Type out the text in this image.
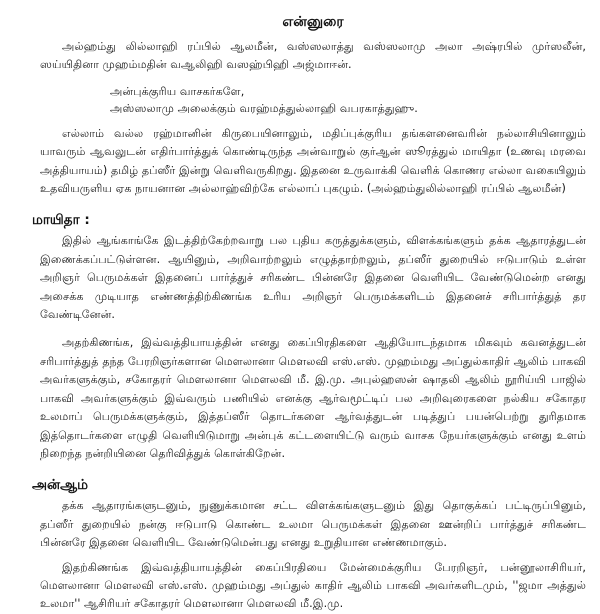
என்னுரை

அல்ஹம்து லில்லாஹி ரப்பில் ஆலமீன், வஸ்ஸலாத்து வஸ்ஸலாமு அலா அஷ்ரபில் முர்ஸலீன், ஸய்யிதினா முஹம்மதின் வஆலிஹி வஸஹ்பிஹி அஜ்மாஈன்.

அன்புக்குரிய வாசகர்களே,
அஸ்ஸலாமு அலைக்கும் வரஹ்மத்துல்லாஹி வபரகாத்துஹு.

எல்லாம் வல்ல ரஹ்மானின் கிருபையினாலும், மதிப்புக்குரிய தங்களனைவரின் நல்லாசியினாலும் யாவரும் ஆவலுடன் எதிர்பார்த்துக் கொண்டிருந்த அன்வாறுல் குர்ஆன் ஸூரத்துல் மாயிதா (உணவு மரவை அத்தியாயம்) தமிழ் தப்ஸீர் இன்று வெளிவருகிறது. இதனை உருவாக்கி வெளிக் கொணர எல்லா வகையிலும் உதவியருளிய ஏக நாயனான அல்லாஹ்விற்கே எல்லாப் புகழும். (அல்ஹம்துலில்லாஹி ரப்பில் ஆலமீன்)

மாயிதா :

இதில் ஆங்காங்கே இடத்திற்கேற்றவாறு பல புதிய கருத்துக்களும், விளக்கங்களும் தக்க ஆதாரத்துடன் இணைக்கப்பட்டுள்ளன. ஆயினும், அறிவாற்றலும் எழுத்தாற்றலும், தப்ஸீர் துறையில் ஈடுபாடும் உள்ள அறிஞர் பெருமக்கள் இதனைப் பார்த்துச் சரிகண்ட பின்னரே இதனை வெளியிட வேண்டுமென்ற எனது அசைக்க முடியாத எண்ணத்திற்கிணங்க உரிய அறிஞர் பெருமக்களிடம் இதனைச் சரிபார்த்துத் தர வேண்டினேன்.

அதற்கிணங்க, இவ்வத்தியாயத்தின் எனது கைப்பிரதிகளை ஆதியோடந்தமாக மிகவும் கவனத்துடன் சரிபார்த்துத் தந்த பேரறிஞர்களான மௌலானா மௌலவி எஸ்.எஸ். முஹம்மது அப்துல்காதிர் ஆலிம் பாகவி அவர்களுக்கும், சகோதரர் மௌலானா மௌலவி மீ. இ.மு. அபுல்ஹஸன் ஷாதலி ஆலிம் நூரிய்யி பாஜில் பாகவி அவர்களுக்கும் இவ்வரும் பணியில் எனக்கு ஆர்வமூட்டிப் பல அறிவுரைகளை நல்கிய சகோதர உலமாப் பெருமக்களுக்கும், இத்தப்ஸீர் தொடர்களை ஆர்வத்துடன் படித்துப் பயன்பெற்று துரிதமாக இத்தொடர்களை எழுதி வெளியிடுமாறு அன்புக் கட்டளையிட்டு வரும் வாசக நேயர்களுக்கும் எனது உளம் நிறைந்த நன்றியினை தெரிவித்துக் கொள்கிறேன்.

அன்ஆம்

தக்க ஆதாரங்களுடனும், நுணுக்கமான சட்ட விளக்கங்களுடனும் இது தொகுக்கப் பட்டிருப்பினும், தப்ஸீர் துறையில் நன்கு ஈடுபாடு கொண்ட உலமா பெருமக்கள் இதனை ஊன்றிப் பார்த்துச் சரிகண்ட பின்னரே இதனை வெளியிட வேண்டுமென்பது எனது உறுதியான எண்ணமாகும்.

இதற்கிணங்க இவ்வத்தியாயத்தின் கைப்பிரதியை மேன்மைக்குரிய பேரறிஞர், பன்னூலாசிரியர், மௌலானா மௌலவி எஸ்.எஸ். முஹம்மது அப்துல் காதிர் ஆலிம் பாகவி அவர்களிடமும், ''ஜமா அத்துல் உலமா'' ஆசிரியர் சகோதரர் மௌலானா மௌலவி மீ.இ.மு.
